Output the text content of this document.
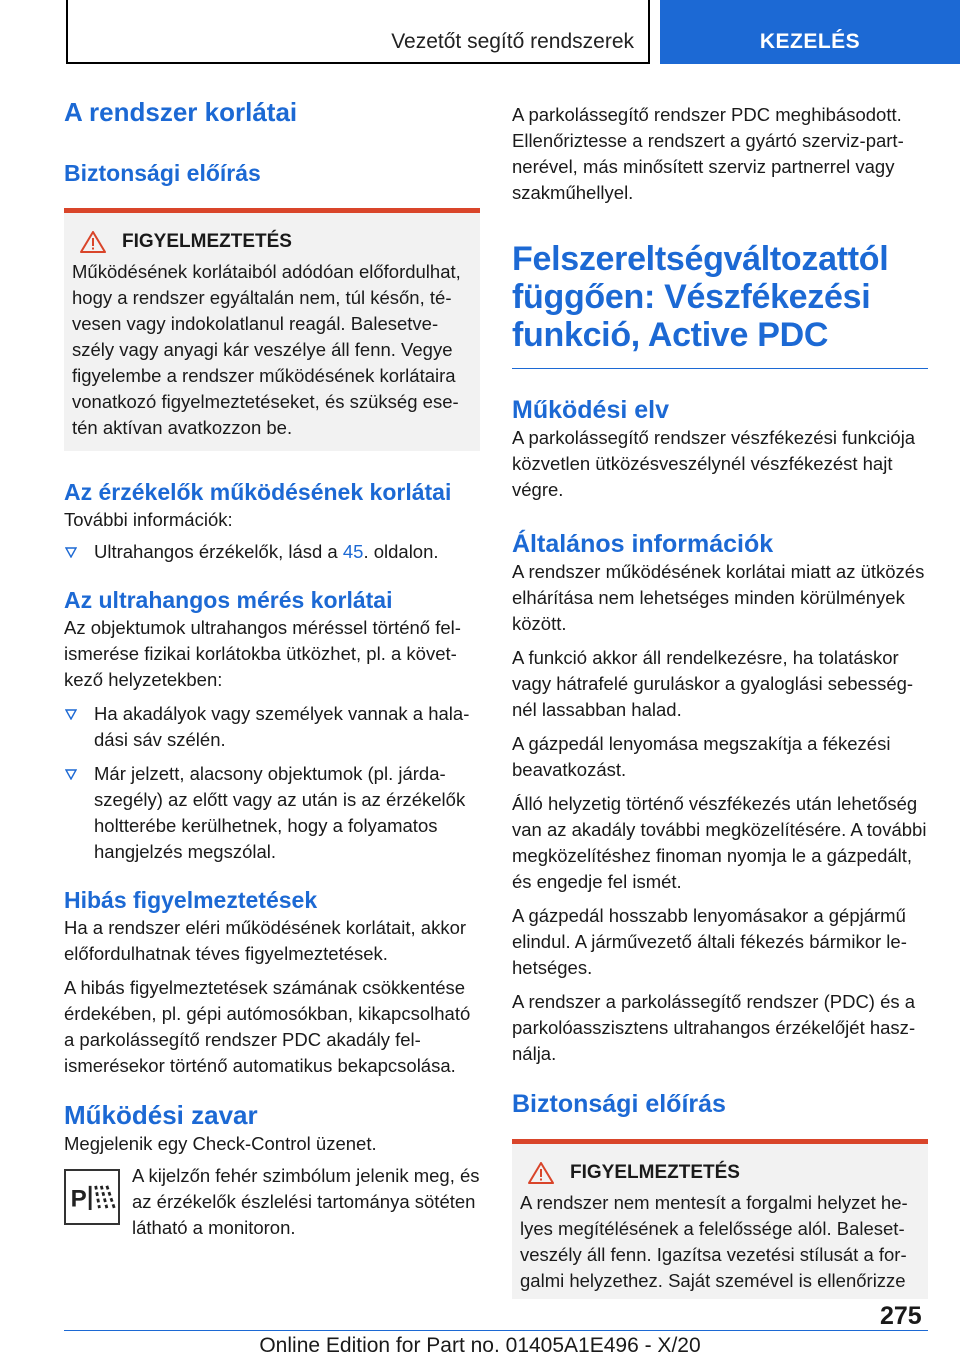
Vezetőt segítő rendszerek	KEZELÉS
A rendszer korlátai
Biztonsági előírás
FIGYELMEZTETÉS
Működésének korlátaiból adódóan előfordulhat, hogy a rendszer egyáltalán nem, túl későn, tévesen vagy indokolatlanul reagál. Balesetveszély vagy anyagi kár veszélye áll fenn. Vegye figyelembe a rendszer működésének korlátaira vonatkozó figyelmeztetéseket, és szükség esetén aktívan avatkozzon be.
Az érzékelők működésének korlátai

További információk:

Ultrahangos érzékelők, lásd a 45. oldalon.
Az ultrahangos mérés korlátai

Az objektumok ultrahangos méréssel történő felismerése fizikai korlátokba ütközhet, pl. a következő helyzetekben:

Ha akadályok vagy személyek vannak a haladási sáv szélén.
Már jelzett, alacsony objektumok (pl. járdaszegély) az előtt vagy az után is az érzékelők holtterébe kerülhetnek, hogy a folyamatos hangjelzés megszólal.
Hibás figyelmeztetések

Ha a rendszer eléri működésének korlátait, akkor előfordulhatnak téves figyelmeztetések.

A hibás figyelmeztetések számának csökkentése érdekében, pl. gépi autómosókban, kikapcsolható a parkolássegítő rendszer PDC akadály felismerésekor történő automatikus bekapcsolása.

Működési zavar

Megjelenik egy Check-Control üzenet.

P

A kijelzőn fehér szimbólum jelenik meg, és az érzékelők észlelési tartománya sötéten látható a monitoron.

A parkolássegítő rendszer PDC meghibásodott. Ellenőriztesse a rendszert a gyártó szerviz-partnerével, más minősített szerviz partnerrel vagy szakműhellyel.

Felszereltségváltozattól függően: Vészfékezési funkció, Active PDC
Működési elv

A parkolássegítő rendszer vészfékezési funkciója közvetlen ütközésveszélynél vészfékezést hajt végre.

Általános információk

A rendszer működésének korlátai miatt az ütközés elhárítása nem lehetséges minden körülmények között.

A funkció akkor áll rendelkezésre, ha tolatáskor vagy hátrafelé guruláskor a gyaloglási sebességnél lassabban halad.

A gázpedál lenyomása megszakítja a fékezési beavatkozást.

Álló helyzetig történő vészfékezés után lehetőség van az akadály további megközelítésére. A további megközelítéshez finoman nyomja le a gázpedált, és engedje fel ismét.

A gázpedál hosszabb lenyomásakor a gépjármű elindul. A járművezető általi fékezés bármikor lehetséges.

A rendszer a parkolássegítő rendszer (PDC) és a parkolóasszisztens ultrahangos érzékelőjét használja.

Biztonsági előírás
FIGYELMEZTETÉS
A rendszer nem mentesít a forgalmi helyzet helyes megítélésének a felelőssége alól. Balesetveszély áll fenn. Igazítsa vezetési stílusát a forgalmi helyzethez. Saját szemével is ellenőrizze
275
Online Edition for Part no. 01405A1E496 - X/20
